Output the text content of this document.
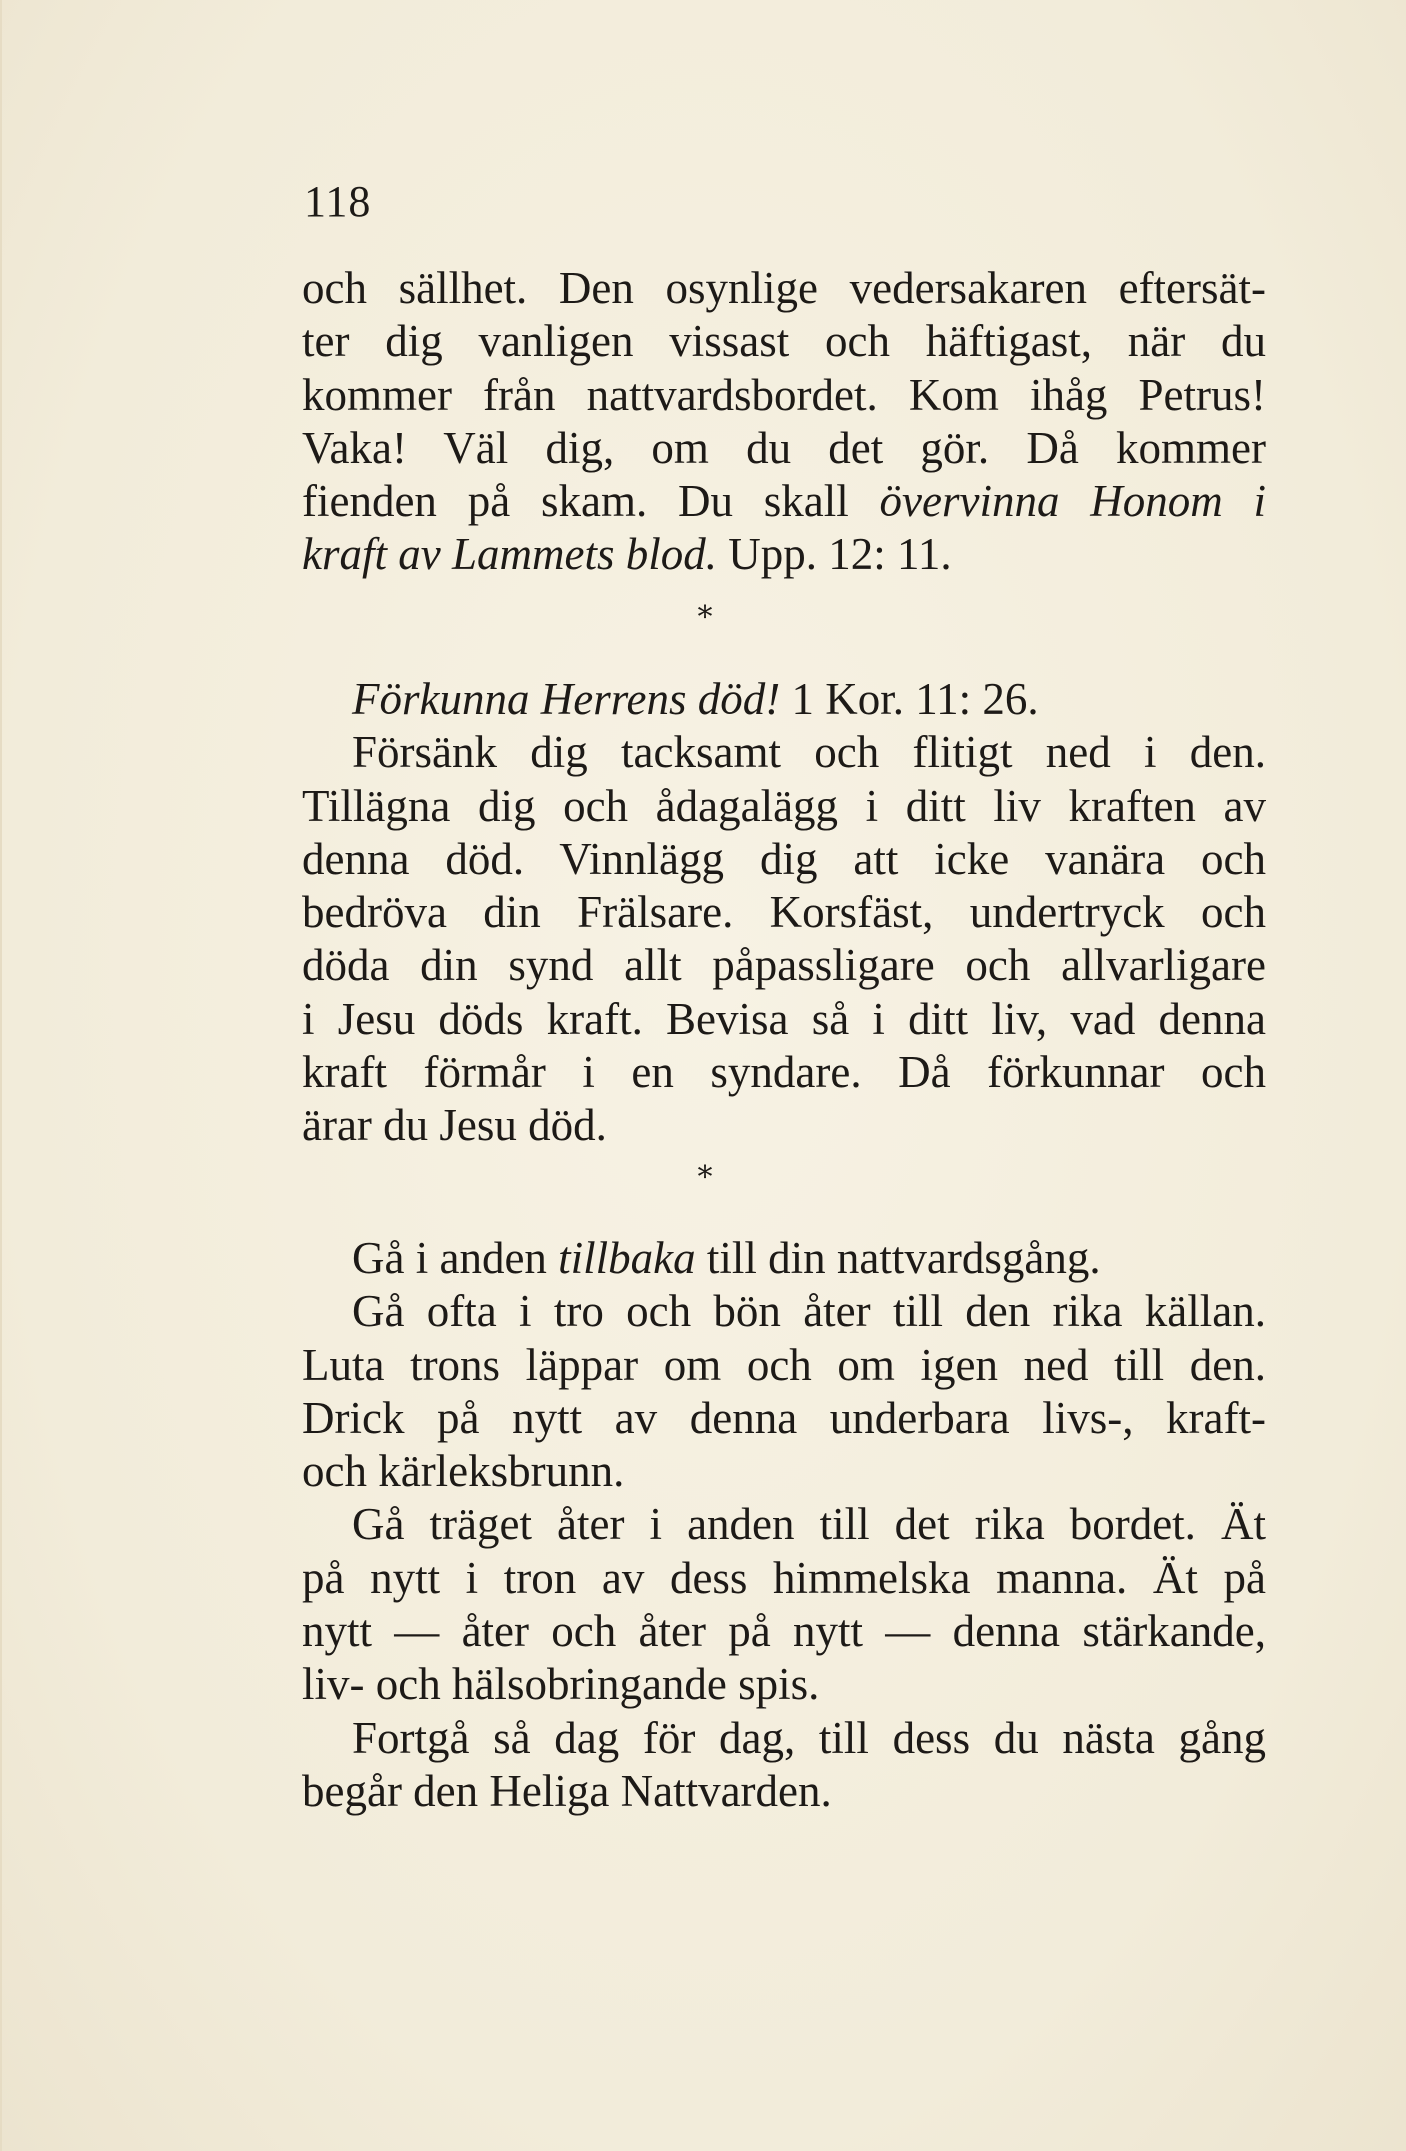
118
och sällhet. Den osynlige vedersakaren eftersät-
ter dig vanligen vissast och häftigast, när du
kommer från nattvardsbordet. Kom ihåg Petrus!
Vaka! Väl dig, om du det gör. Då kommer
fienden på skam. Du skall övervinna Honom i
kraft av Lammets blod. Upp. 12: 11.
*
Förkunna Herrens död! 1 Kor. 11: 26.
Försänk dig tacksamt och flitigt ned i den.
Tillägna dig och ådagalägg i ditt liv kraften av
denna död. Vinnlägg dig att icke vanära och
bedröva din Frälsare. Korsfäst, undertryck och
döda din synd allt påpassligare och allvarligare
i Jesu döds kraft. Bevisa så i ditt liv, vad denna
kraft förmår i en syndare. Då förkunnar och
ärar du Jesu död.
*
Gå i anden tillbaka till din nattvardsgång.
Gå ofta i tro och bön åter till den rika källan.
Luta trons läppar om och om igen ned till den.
Drick på nytt av denna underbara livs-, kraft-
och kärleksbrunn.
Gå träget åter i anden till det rika bordet. Ät
på nytt i tron av dess himmelska manna. Ät på
nytt — åter och åter på nytt — denna stärkande,
liv- och hälsobringande spis.
Fortgå så dag för dag, till dess du nästa gång
begår den Heliga Nattvarden.
